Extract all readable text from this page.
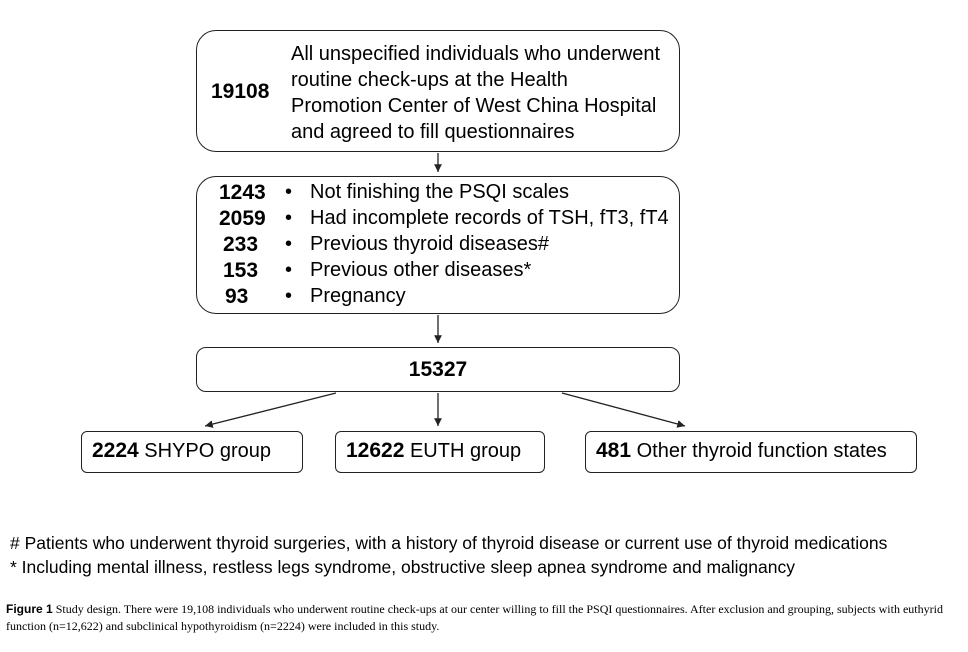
19108
All unspecified individuals who underwent
routine check-ups at the Health
Promotion Center of West China Hospital
and agreed to fill questionnaires
1243 • Not finishing the PSQI scales
2059 • Had incomplete records of TSH, fT3, fT4
233 • Previous thyroid diseases#
153 • Previous other diseases*
93 • Pregnancy
15327
2224 SHYPO group	12622 EUTH group	481 Other thyroid function states
# Patients who underwent thyroid surgeries, with a history of thyroid disease or current use of thyroid medications
* Including mental illness, restless legs syndrome, obstructive sleep apnea syndrome and malignancy
Figure 1 Study design. There were 19,108 individuals who underwent routine check-ups at our center willing to fill the PSQI questionnaires. After exclusion and grouping, subjects with euthyrid function (n=12,622) and subclinical hypothyroidism (n=2224) were included in this study.
